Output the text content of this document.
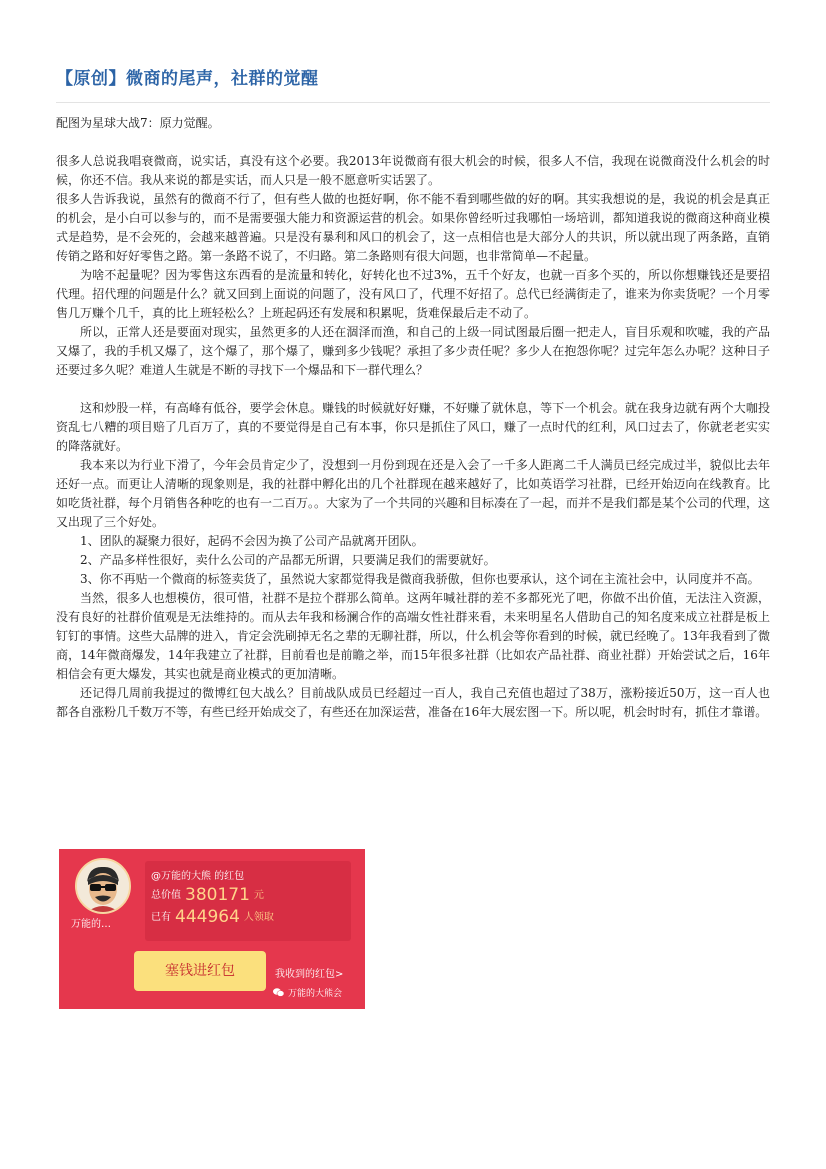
【原创】微商的尾声，社群的觉醒
配图为星球大战7：原力觉醒。

很多人总说我唱衰微商，说实话，真没有这个必要。我2013年说微商有很大机会的时候，很多人不信，我现在说微商没什么机会的时候，你还不信。我从来说的都是实话，而人只是一般不愿意听实话罢了。

很多人告诉我说，虽然有的微商不行了，但有些人做的也挺好啊，你不能不看到哪些做的好的啊。其实我想说的是，我说的机会是真正的机会，是小白可以参与的，而不是需要强大能力和资源运营的机会。如果你曾经听过我哪怕一场培训，都知道我说的微商这种商业模式是趋势，是不会死的，会越来越普遍。只是没有暴利和风口的机会了，这一点相信也是大部分人的共识，所以就出现了两条路，直销传销之路和好好零售之路。第一条路不说了，不归路。第二条路则有很大问题，也非常简单—不起量。

为啥不起量呢？因为零售这东西看的是流量和转化，好转化也不过3%，五千个好友，也就一百多个买的，所以你想赚钱还是要招代理。招代理的问题是什么？就又回到上面说的问题了，没有风口了，代理不好招了。总代已经满街走了，谁来为你卖货呢？一个月零售几万赚个几千，真的比上班轻松么？上班起码还有发展和积累呢，货难保最后走不动了。

所以，正常人还是要面对现实，虽然更多的人还在涸泽而渔，和自己的上级一同试图最后圈一把走人，盲目乐观和吹嘘，我的产品又爆了，我的手机又爆了，这个爆了，那个爆了，赚到多少钱呢？承担了多少责任呢？多少人在抱怨你呢？过完年怎么办呢？这种日子还要过多久呢？难道人生就是不断的寻找下一个爆品和下一群代理么？

这和炒股一样，有高峰有低谷，要学会休息。赚钱的时候就好好赚，不好赚了就休息，等下一个机会。就在我身边就有两个大咖投资乱七八糟的项目赔了几百万了，真的不要觉得是自己有本事，你只是抓住了风口，赚了一点时代的红利，风口过去了，你就老老实实的降落就好。

我本来以为行业下滑了，今年会员肯定少了，没想到一月份到现在还是入会了一千多人距离二千人满员已经完成过半，貌似比去年还好一点。而更让人清晰的现象则是，我的社群中孵化出的几个社群现在越来越好了，比如英语学习社群，已经开始迈向在线教育。比如吃货社群，每个月销售各种吃的也有一二百万。。大家为了一个共同的兴趣和目标凑在了一起，而并不是我们都是某个公司的代理，这又出现了三个好处。

1、团队的凝聚力很好，起码不会因为换了公司产品就离开团队。

2、产品多样性很好，卖什么公司的产品都无所谓，只要满足我们的需要就好。

3、你不再贴一个微商的标签卖货了，虽然说大家都觉得我是微商我骄傲，但你也要承认，这个词在主流社会中，认同度并不高。

当然，很多人也想模仿，很可惜，社群不是拉个群那么简单。这两年喊社群的差不多都死光了吧，你做不出价值，无法注入资源，没有良好的社群价值观是无法维持的。而从去年我和杨澜合作的高端女性社群来看，未来明星名人借助自己的知名度来成立社群是板上钉钉的事情。这些大品牌的进入，肯定会洗刷掉无名之辈的无聊社群，所以，什么机会等你看到的时候，就已经晚了。13年我看到了微商，14年微商爆发，14年我建立了社群，目前看也是前瞻之举，而15年很多社群（比如农产品社群、商业社群）开始尝试之后，16年相信会有更大爆发，其实也就是商业模式的更加清晰。

还记得几周前我提过的微博红包大战么？目前战队成员已经超过一百人，我自己充值也超过了38万，涨粉接近50万，这一百人也都各自涨粉几千数万不等，有些已经开始成交了，有些还在加深运营，准备在16年大展宏图一下。所以呢，机会时时有，抓住才靠谱。

万能的…
@万能的大熊 的红包
总价值 380171 元
已有 444964 人领取
塞钱进红包	我收到的红包>
万能的大熊会
